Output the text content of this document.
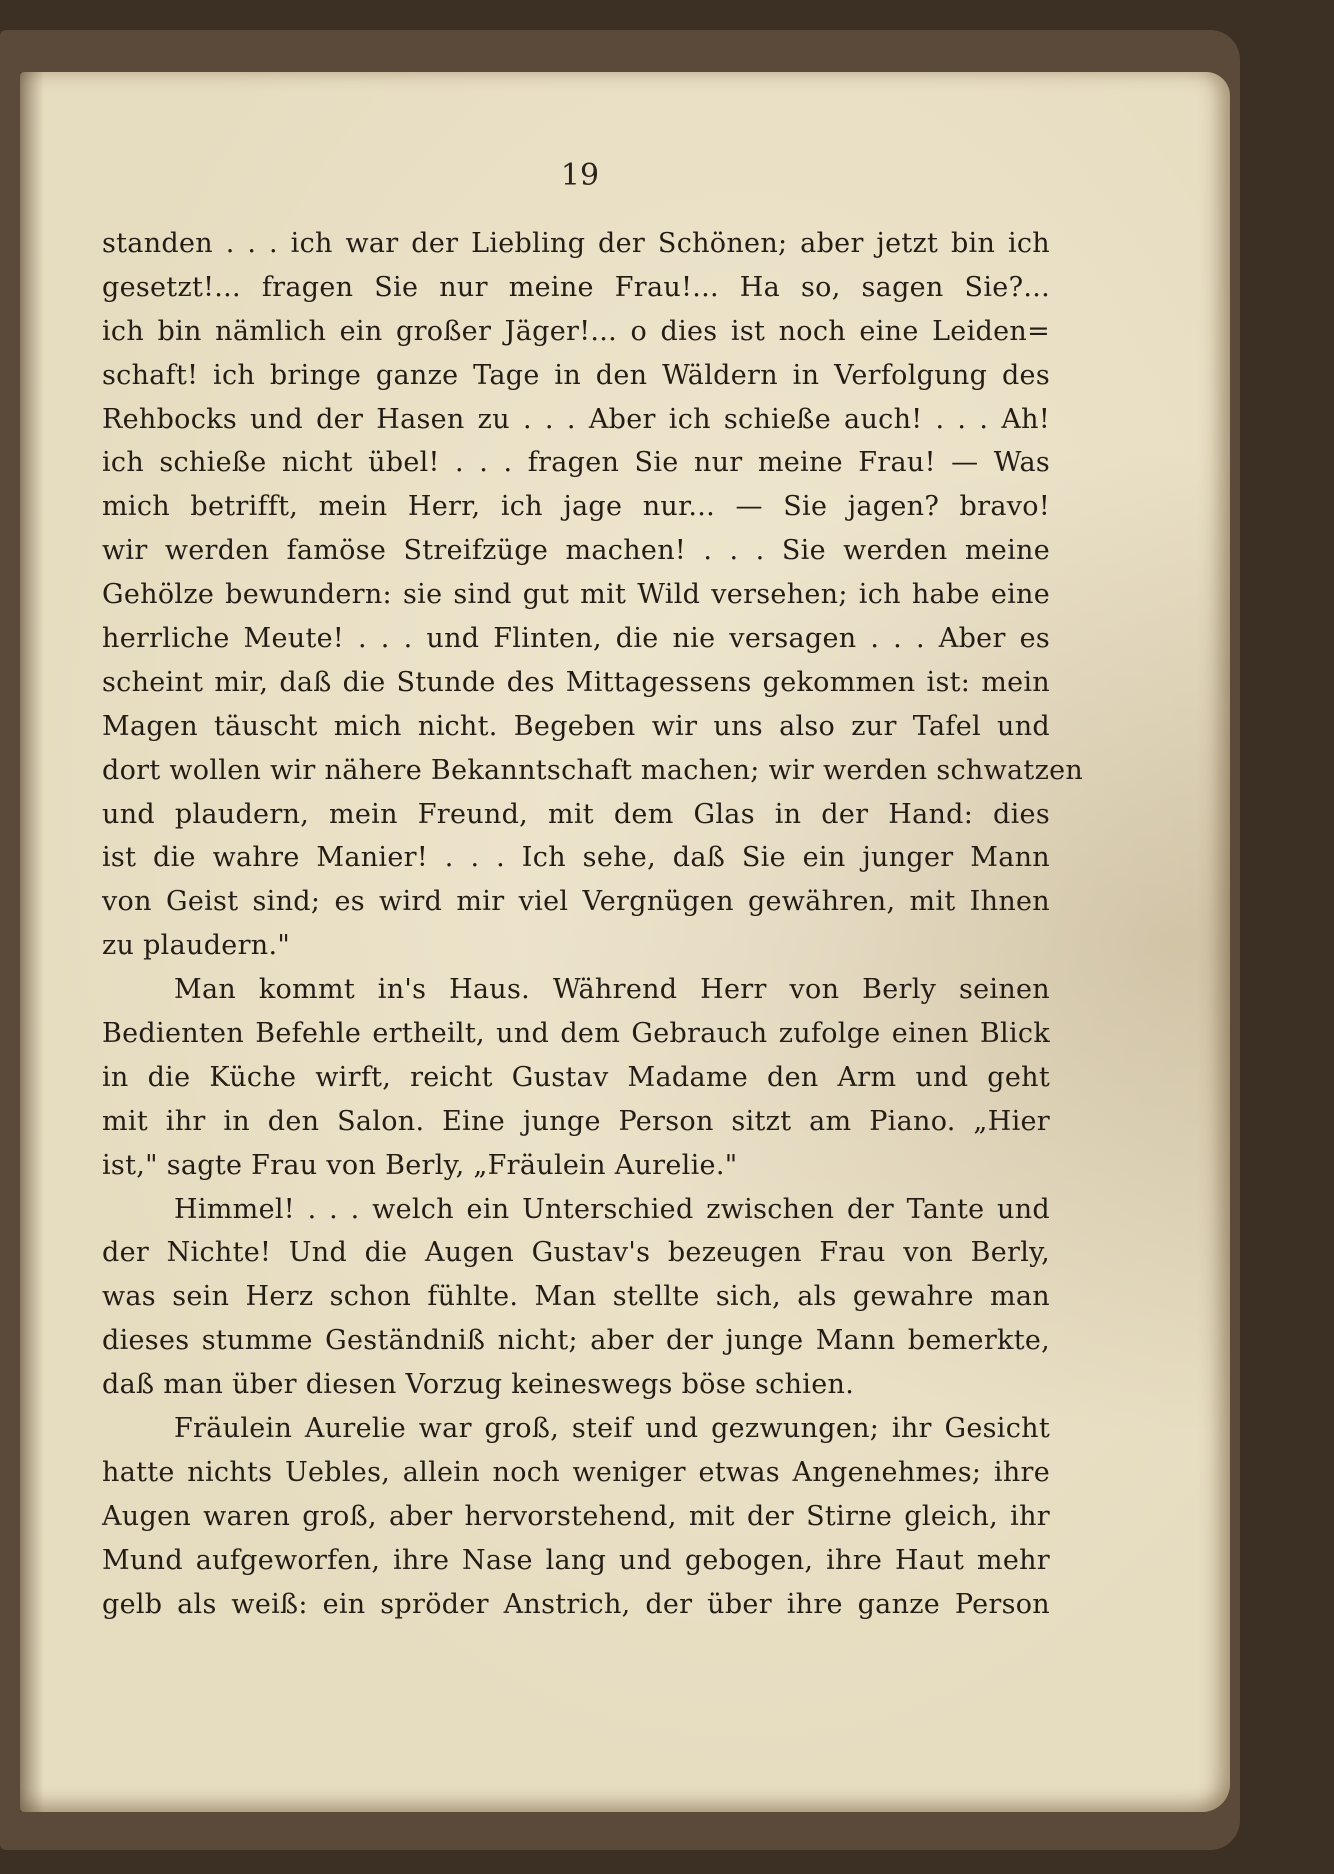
19
standen . . . ich war der Liebling der Schönen; aber jetzt bin ich
gesetzt!... fragen Sie nur meine Frau!... Ha so, sagen Sie?...
ich bin nämlich ein großer Jäger!... o dies ist noch eine Leiden=
schaft! ich bringe ganze Tage in den Wäldern in Verfolgung des
Rehbocks und der Hasen zu . . . Aber ich schieße auch! . . . Ah!
ich schieße nicht übel! . . . fragen Sie nur meine Frau! — Was
mich betrifft, mein Herr, ich jage nur... — Sie jagen? bravo!
wir werden famöse Streifzüge machen! . . . Sie werden meine
Gehölze bewundern: sie sind gut mit Wild versehen; ich habe eine
herrliche Meute! . . . und Flinten, die nie versagen . . . Aber es
scheint mir, daß die Stunde des Mittagessens gekommen ist: mein
Magen täuscht mich nicht. Begeben wir uns also zur Tafel und
dort wollen wir nähere Bekanntschaft machen; wir werden schwatzen
und plaudern, mein Freund, mit dem Glas in der Hand: dies
ist die wahre Manier! . . . Ich sehe, daß Sie ein junger Mann
von Geist sind; es wird mir viel Vergnügen gewähren, mit Ihnen
zu plaudern."
Man kommt in's Haus. Während Herr von Berly seinen
Bedienten Befehle ertheilt, und dem Gebrauch zufolge einen Blick
in die Küche wirft, reicht Gustav Madame den Arm und geht
mit ihr in den Salon. Eine junge Person sitzt am Piano. „Hier
ist," sagte Frau von Berly, „Fräulein Aurelie."
Himmel! . . . welch ein Unterschied zwischen der Tante und
der Nichte! Und die Augen Gustav's bezeugen Frau von Berly,
was sein Herz schon fühlte. Man stellte sich, als gewahre man
dieses stumme Geständniß nicht; aber der junge Mann bemerkte,
daß man über diesen Vorzug keineswegs böse schien.
Fräulein Aurelie war groß, steif und gezwungen; ihr Gesicht
hatte nichts Uebles, allein noch weniger etwas Angenehmes; ihre
Augen waren groß, aber hervorstehend, mit der Stirne gleich, ihr
Mund aufgeworfen, ihre Nase lang und gebogen, ihre Haut mehr
gelb als weiß: ein spröder Anstrich, der über ihre ganze Person
